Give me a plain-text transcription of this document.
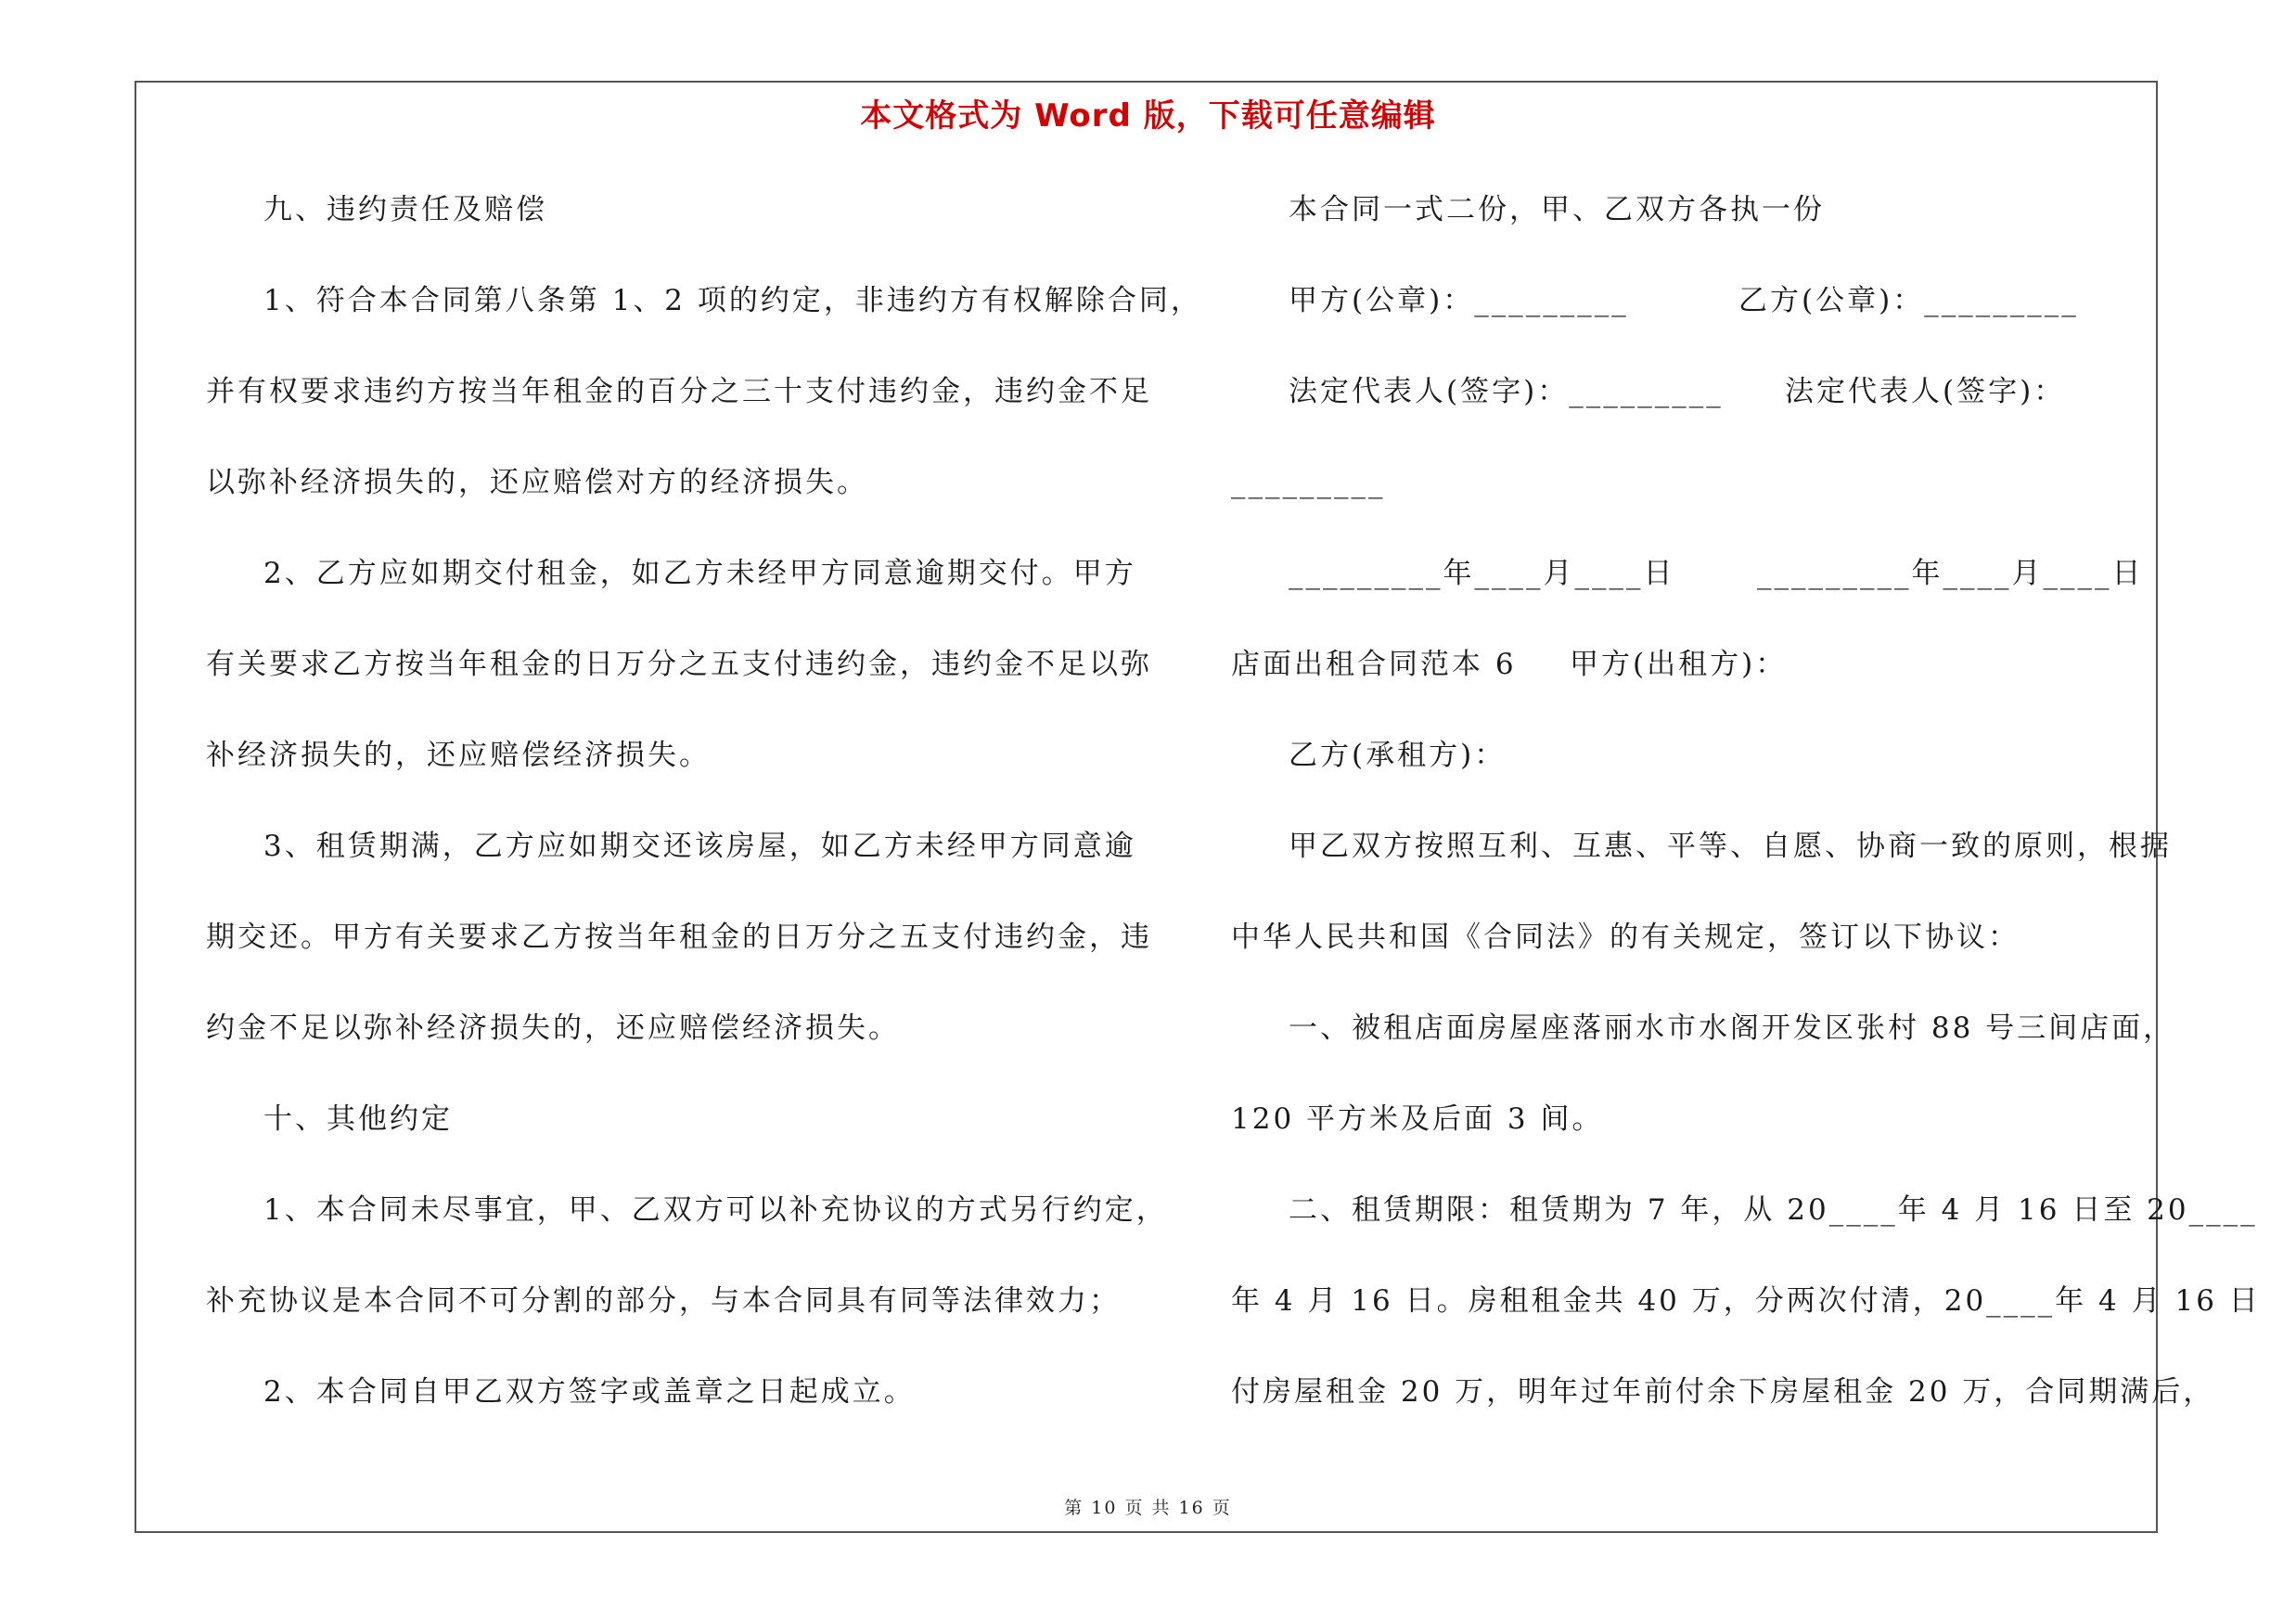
本文格式为 Word 版，下载可任意编辑
九、违约责任及赔偿
1、符合本合同第八条第 1、2 项的约定，非违约方有权解除合同，
并有权要求违约方按当年租金的百分之三十支付违约金，违约金不足
以弥补经济损失的，还应赔偿对方的经济损失。
2、乙方应如期交付租金，如乙方未经甲方同意逾期交付。甲方
有关要求乙方按当年租金的日万分之五支付违约金，违约金不足以弥
补经济损失的，还应赔偿经济损失。
3、租赁期满，乙方应如期交还该房屋，如乙方未经甲方同意逾
期交还。甲方有关要求乙方按当年租金的日万分之五支付违约金，违
约金不足以弥补经济损失的，还应赔偿经济损失。
十、其他约定
1、本合同未尽事宜，甲、乙双方可以补充协议的方式另行约定，
补充协议是本合同不可分割的部分，与本合同具有同等法律效力；
2、本合同自甲乙双方签字或盖章之日起成立。
本合同一式二份，甲、乙双方各执一份
甲方(公章)：_________	乙方(公章)：_________
法定代表人(签字)：_________	法定代表人(签字)：
_________
_________年____月____日	_________年____月____日
店面出租合同范本 6	甲方(出租方)：
乙方(承租方)：
甲乙双方按照互利、互惠、平等、自愿、协商一致的原则，根据
中华人民共和国《合同法》的有关规定，签订以下协议：
一、被租店面房屋座落丽水市水阁开发区张村 88 号三间店面，
120 平方米及后面 3 间。
二、租赁期限：租赁期为 7 年，从 20____年 4 月 16 日至 20____
年 4 月 16 日。房租租金共 40 万，分两次付清，20____年 4 月 16 日
付房屋租金 20 万，明年过年前付余下房屋租金 20 万，合同期满后，
第 10 页 共 16 页
